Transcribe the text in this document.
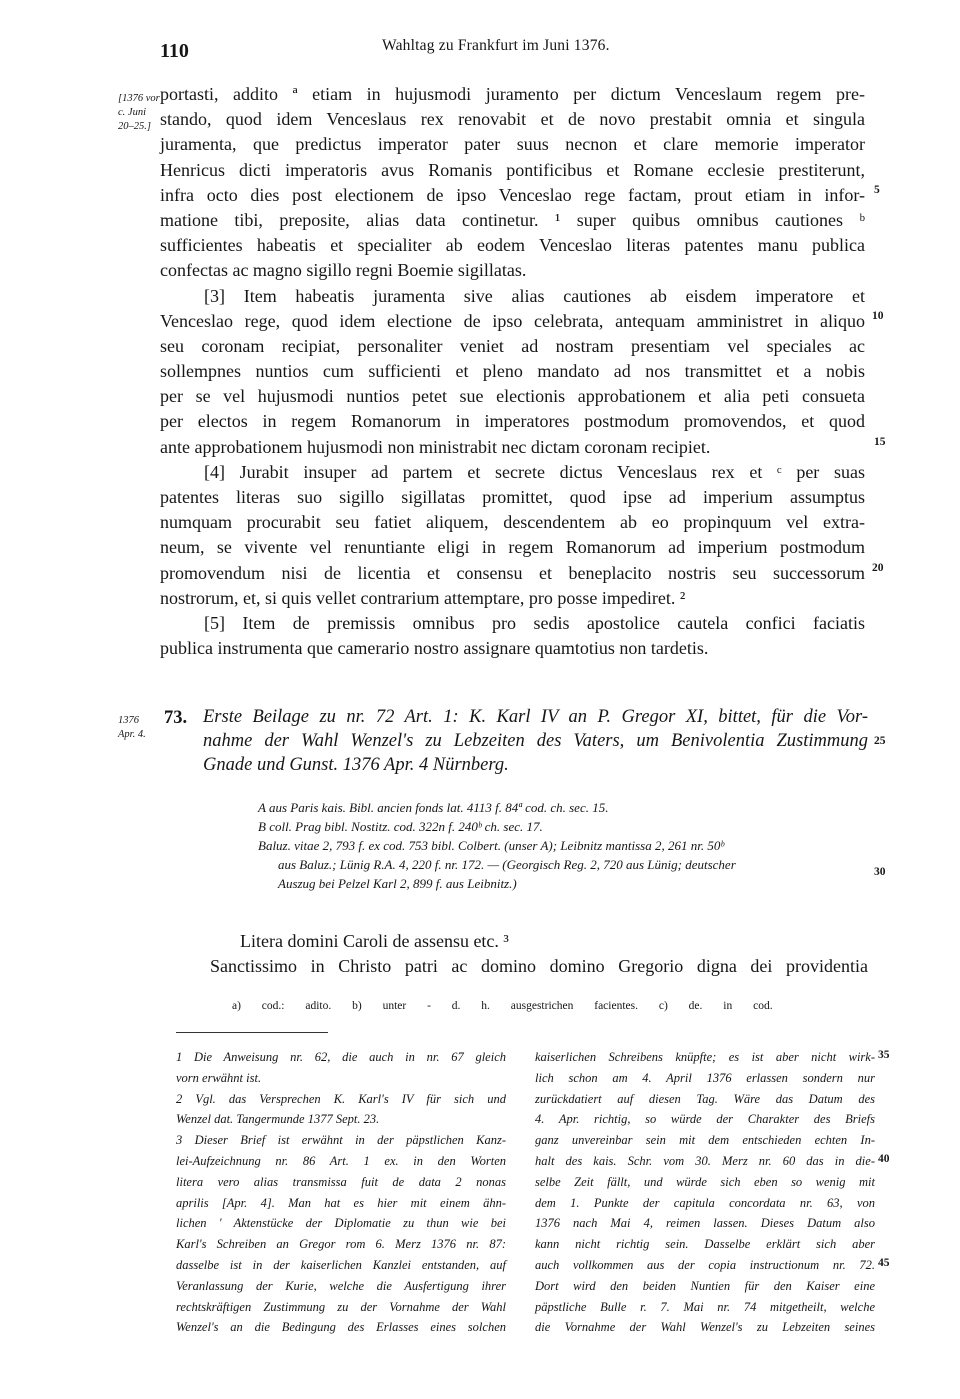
110	Wahltag zu Frankfurt im Juni 1376.
[1376 vor
c. Juni
20–25.]
portasti, addito ª etiam in hujusmodi juramento per dictum Venceslaum regem pre-
stando, quod idem Venceslaus rex renovabit et de novo prestabit omnia et singula
juramenta, que predictus imperator pater suus necnon et clare memorie imperator
Henricus dicti imperatoris avus Romanis pontificibus et Romane ecclesie prestiterunt,
infra octo dies post electionem de ipso Venceslao rege factam, prout etiam in infor-
matione tibi, preposite, alias data continetur. ¹ super quibus omnibus cautiones ᵇ
sufficientes habeatis et specialiter ab eodem Venceslao literas patentes manu publica
confectas ac magno sigillo regni Boemie sigillatas.
[3] Item habeatis juramenta sive alias cautiones ab eisdem imperatore et
Venceslao rege, quod idem electione de ipso celebrata, antequam amministret in aliquo
seu coronam recipiat, personaliter veniet ad nostram presentiam vel speciales ac
sollempnes nuntios cum sufficienti et pleno mandato ad nos transmittet et a nobis
per se vel hujusmodi nuntios petet sue electionis approbationem et alia peti consueta
per electos in regem Romanorum in imperatores postmodum promovendos, et quod
ante approbationem hujusmodi non ministrabit nec dictam coronam recipiet.
[4] Jurabit insuper ad partem et secrete dictus Venceslaus rex et ᶜ per suas
patentes literas suo sigillo sigillatas promittet, quod ipse ad imperium assumptus
numquam procurabit seu fatiet aliquem, descendentem ab eo propinquum vel extra-
neum, se vivente vel renuntiante eligi in regem Romanorum ad imperium postmodum
promovendum nisi de licentia et consensu et beneplacito nostris seu successorum
nostrorum, et, si quis vellet contrarium attemptare, pro posse impediret. ²
[5] Item de premissis omnibus pro sedis apostolice cautela confici faciatis
publica instrumenta que camerario nostro assignare quamtotius non tardetis.
5
10
15
20
25
30
35
40
45
1376
Apr. 4.
73. Erste Beilage zu nr. 72 Art. 1: K. Karl IV an P. Gregor XI, bittet, für die Vor-
nahme der Wahl Wenzel's zu Lebzeiten des Vaters, um Benivolentia Zustimmung
Gnade und Gunst. 1376 Apr. 4 Nürnberg.
A aus Paris kais. Bibl. ancien fonds lat. 4113 f. 84ª cod. ch. sec. 15.
B coll. Prag bibl. Nostitz. cod. 322n f. 240ᵇ ch. sec. 17.
Baluz. vitae 2, 793 f. ex cod. 753 bibl. Colbert. (unser A); Leibnitz mantissa 2, 261 nr. 50ᵇ
aus Baluz.; Lünig R.A. 4, 220 f. nr. 172. — (Georgisch Reg. 2, 720 aus Lünig; deutscher
Auszug bei Pelzel Karl 2, 899 f. aus Leibnitz.)
Litera domini Caroli de assensu etc. ³
Sanctissimo in Christo patri ac domino domino Gregorio digna dei providentia
a) cod.: adito. b) unter - d. h. ausgestrichen facientes. c) de. in cod.
1 Die Anweisung nr. 62, die auch in nr. 67 gleich
vorn erwähnt ist.
2 Vgl. das Versprechen K. Karl's IV für sich und
Wenzel dat. Tangermunde 1377 Sept. 23.
3 Dieser Brief ist erwähnt in der päpstlichen Kanz-
lei-Aufzeichnung nr. 86 Art. 1 ex. in den Worten
litera vero alias transmissa fuit de data 2 nonas
aprilis [Apr. 4]. Man hat es hier mit einem ähn-
lichen ' Aktenstücke der Diplomatie zu thun wie bei
Karl's Schreiben an Gregor rom 6. Merz 1376 nr. 87:
dasselbe ist in der kaiserlichen Kanzlei entstanden, auf
Veranlassung der Kurie, welche die Ausfertigung ihrer
rechtskräftigen Zustimmung zu der Vornahme der Wahl
Wenzel's an die Bedingung des Erlasses eines solchen
kaiserlichen Schreibens knüpfte; es ist aber nicht wirk-
lich schon am 4. April 1376 erlassen sondern nur
zurückdatiert auf diesen Tag. Wäre das Datum des
4. Apr. richtig, so würde der Charakter des Briefs
ganz unvereinbar sein mit dem entschieden echten In-
halt des kais. Schr. vom 30. Merz nr. 60 das in die-
selbe Zeit fällt, und würde sich eben so wenig mit
dem 1. Punkte der capitula concordata nr. 63, von
1376 nach Mai 4, reimen lassen. Dieses Datum also
kann nicht richtig sein. Dasselbe erklärt sich aber
auch vollkommen aus der copia instructionum nr. 72.
Dort wird den beiden Nuntien für den Kaiser eine
päpstliche Bulle r. 7. Mai nr. 74 mitgetheilt, welche
die Vornahme der Wahl Wenzel's zu Lebzeiten seines
